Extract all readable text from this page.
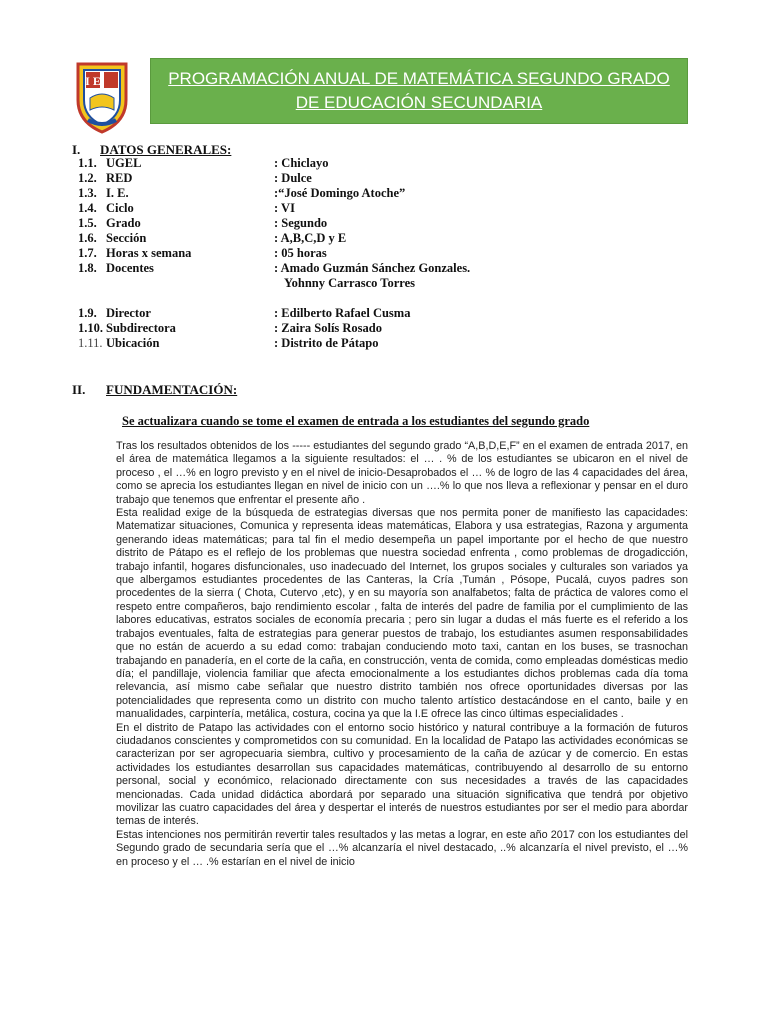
I E	PROGRAMACIÓN ANUAL DE MATEMÁTICA SEGUNDO GRADO
DE EDUCACIÓN SECUNDARIA
I. DATOS GENERALES:
1.1. UGEL	: Chiclayo
1.2. RED	: Dulce
1.3. I. E.	:“José Domingo Atoche”
1.4. Ciclo	: VI
1.5. Grado	: Segundo
1.6. Sección	: A,B,C,D y E
1.7. Horas x semana	: 05 horas
1.8. Docentes	: Amado Guzmán Sánchez Gonzales.
Yohnny Carrasco Torres
1.9. Director	: Edilberto Rafael Cusma
1.10. Subdirectora	: Zaira Solís Rosado
1.11. Ubicación	: Distrito de Pátapo
II. FUNDAMENTACIÓN:
Se actualizara cuando se tome el examen de entrada a los estudiantes del segundo grado

Tras los resultados obtenidos de los ----- estudiantes del segundo grado “A,B,D,E,F” en el examen de entrada 2017, en el área de matemática llegamos a la siguiente resultados: el … . % de los estudiantes se ubicaron en el nivel de proceso , el …% en logro previsto y en el nivel de inicio-Desaprobados el … % de logro de las 4 capacidades del área, como se aprecia los estudiantes llegan en nivel de inicio con un ….% lo que nos lleva a reflexionar y pensar en el duro trabajo que tenemos que enfrentar el presente año .

Esta realidad exige de la búsqueda de estrategias diversas que nos permita poner de manifiesto las capacidades: Matematizar situaciones, Comunica y representa ideas matemáticas, Elabora y usa estrategias, Razona y argumenta generando ideas matemáticas; para tal fin el medio desempeña un papel importante por el hecho de que nuestro distrito de Pátapo es el reflejo de los problemas que nuestra sociedad enfrenta , como problemas de drogadicción, trabajo infantil, hogares disfuncionales, uso inadecuado del Internet, los grupos sociales y culturales son variados ya que albergamos estudiantes procedentes de las Canteras, la Cría ,Tumán , Pósope, Pucalá, cuyos padres son procedentes de la sierra ( Chota, Cutervo ,etc), y en su mayoría son analfabetos; falta de práctica de valores como el respeto entre compañeros, bajo rendimiento escolar , falta de interés del padre de familia por el cumplimiento de las labores educativas, estratos sociales de economía precaria ; pero sin lugar a dudas el más fuerte es el referido a los trabajos eventuales, falta de estrategias para generar puestos de trabajo, los estudiantes asumen responsabilidades que no están de acuerdo a su edad como: trabajan conduciendo moto taxi, cantan en los buses, se trasnochan trabajando en panadería, en el corte de la caña, en construcción, venta de comida, como empleadas domésticas medio día; el pandillaje, violencia familiar que afecta emocionalmente a los estudiantes dichos problemas cada día toma relevancia, así mismo cabe señalar que nuestro distrito también nos ofrece oportunidades diversas por las potencialidades que representa como un distrito con mucho talento artístico destacándose en el canto, baile y en manualidades, carpintería, metálica, costura, cocina ya que la I.E ofrece las cinco últimas especialidades .

En el distrito de Patapo las actividades con el entorno socio histórico y natural contribuye a la formación de futuros ciudadanos conscientes y comprometidos con su comunidad. En la localidad de Patapo las actividades económicas se caracterizan por ser agropecuaria siembra, cultivo y procesamiento de la caña de azúcar y de comercio. En estas actividades los estudiantes desarrollan sus capacidades matemáticas, contribuyendo al desarrollo de su entorno personal, social y económico, relacionado directamente con sus necesidades a través de las capacidades mencionadas. Cada unidad didáctica abordará por separado una situación significativa que tendrá por objetivo movilizar las cuatro capacidades del área y despertar el interés de nuestros estudiantes por ser el medio para abordar temas de interés.

Estas intenciones nos permitirán revertir tales resultados y las metas a lograr, en este año 2017 con los estudiantes del Segundo grado de secundaria sería que el …% alcanzaría el nivel destacado, ..% alcanzaría el nivel previsto, el …% en proceso y el … .% estarían en el nivel de inicio
